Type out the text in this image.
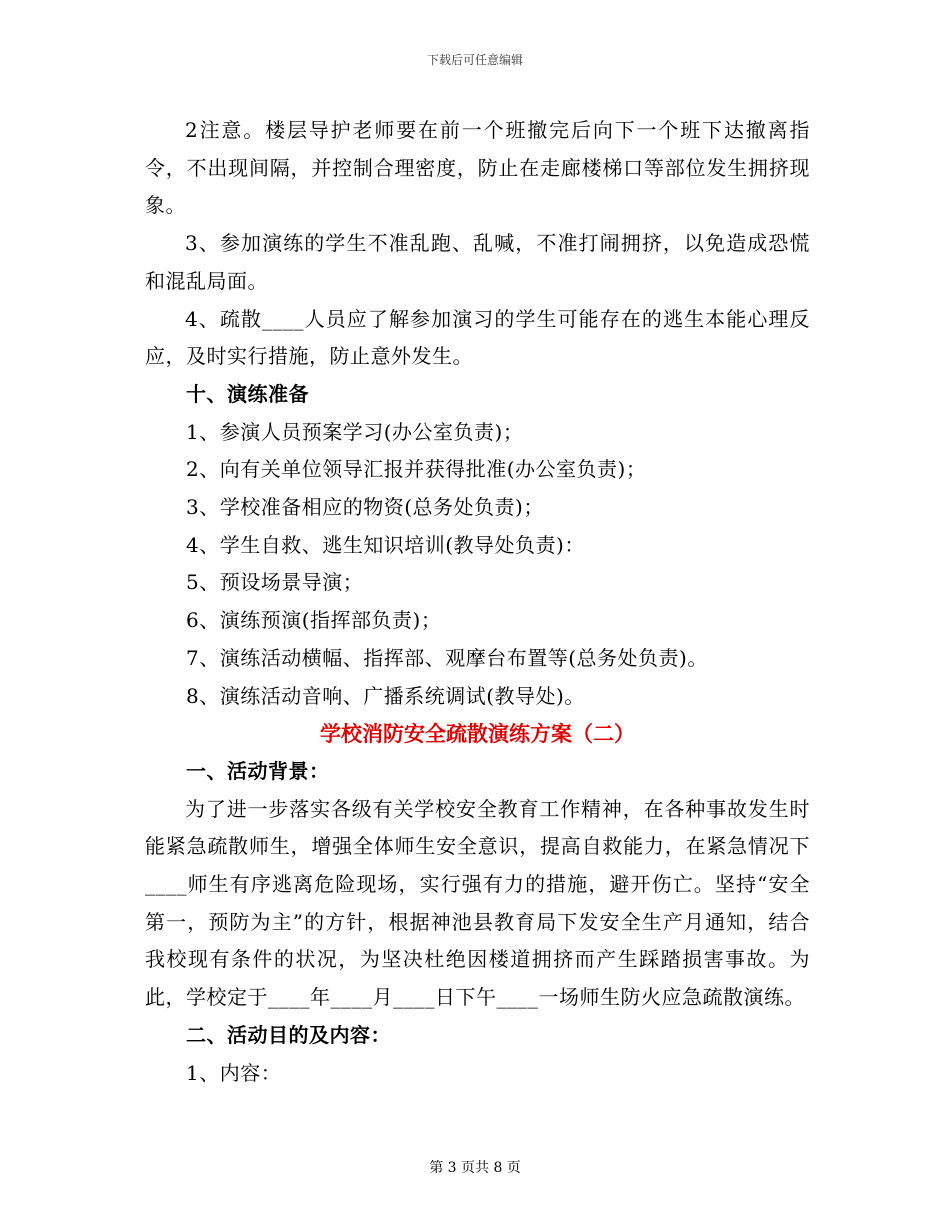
下载后可任意编辑

2注意。楼层导护老师要在前一个班撤完后向下一个班下达撤离指令，不出现间隔，并控制合理密度，防止在走廊楼梯口等部位发生拥挤现象。

3、参加演练的学生不准乱跑、乱喊，不准打闹拥挤，以免造成恐慌和混乱局面。

4、疏散____人员应了解参加演习的学生可能存在的逃生本能心理反应，及时实行措施，防止意外发生。

十、演练准备

1、参演人员预案学习(办公室负责)；

2、向有关单位领导汇报并获得批准(办公室负责)；

3、学校准备相应的物资(总务处负责)；

4、学生自救、逃生知识培训(教导处负责)：

5、预设场景导演；

6、演练预演(指挥部负责)；

7、演练活动横幅、指挥部、观摩台布置等(总务处负责)。

8、演练活动音响、广播系统调试(教导处)。

学校消防安全疏散演练方案（二）

一、活动背景：

为了进一步落实各级有关学校安全教育工作精神，在各种事故发生时能紧急疏散师生，增强全体师生安全意识，提高自救能力，在紧急情况下____师生有序逃离危险现场，实行强有力的措施，避开伤亡。坚持“安全第一，预防为主”的方针，根据神池县教育局下发安全生产月通知，结合我校现有条件的状况，为坚决杜绝因楼道拥挤而产生踩踏损害事故。为此，学校定于____年____月____日下午____一场师生防火应急疏散演练。

二、活动目的及内容：

1、内容：

第 3 页共 8 页
